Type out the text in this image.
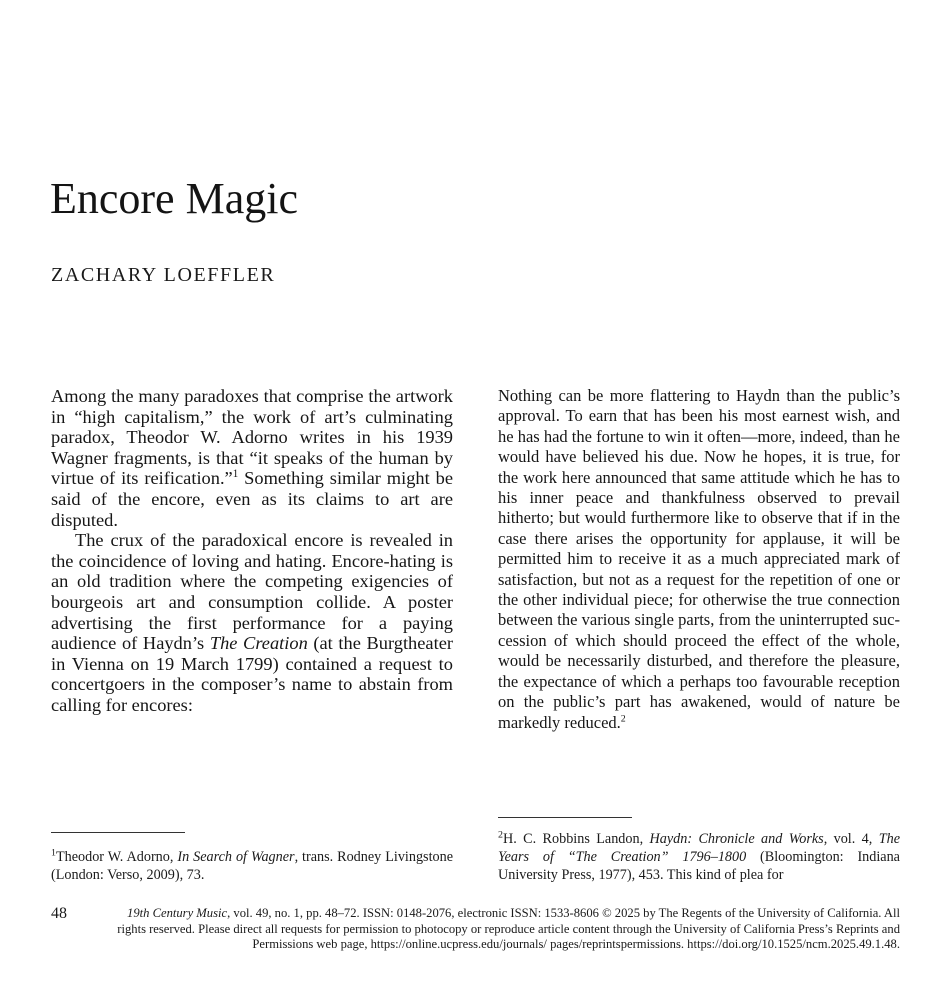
Encore Magic
ZACHARY LOEFFLER

Among the many paradoxes that comprise the artwork in “high capitalism,” the work of art’s culminating paradox, Theodor W. Adorno writes in his 1939 Wagner fragments, is that “it speaks of the human by virtue of its reification.”$^1$ Something similar might be said of the encore, even as its claims to art are disputed.

The crux of the paradoxical encore is revealed in the coincidence of loving and hating. Encore-hating is an old tradition where the competing exigencies of bourgeois art and consumption collide. A poster advertising the first performance for a paying audience of Haydn’s The Creation (at the Burgtheater in Vienna on 19 March 1799) contained a request to concertgoers in the composer’s name to abstain from calling for encores:

Nothing can be more flattering to Haydn than the public’s approval. To earn that has been his most earnest wish, and he has had the fortune to win it often—more, indeed, than he would have believed his due. Now he hopes, it is true, for the work here announced that same attitude which he has to his inner peace and thankfulness observed to prevail hitherto; but would furthermore like to observe that if in the case there arises the opportunity for applause, it will be permitted him to receive it as a much appreciated mark of satisfaction, but not as a request for the repetition of one or the other individual piece; for otherwise the true connection between the various single parts, from the uninterrupted succession of which should proceed the effect of the whole, would be necessarily disturbed, and therefore the pleasure, the expectance of which a perhaps too favourable reception on the public’s part has awakened, would of nature be markedly reduced.$^2$

$^1$Theodor W. Adorno, In Search of Wagner, trans. Rodney Livingstone (London: Verso, 2009), 73.
$^2$H. C. Robbins Landon, Haydn: Chronicle and Works, vol. 4, The Years of “The Creation” 1796–1800 (Bloomington: Indiana University Press, 1977), 453. This kind of plea for
48	19th Century Music, vol. 49, no. 1, pp. 48–72. ISSN: 0148-2076, electronic ISSN: 1533-8606 © 2025 by The Regents of the University of California. All rights reserved. Please direct all requests for permission to photocopy or reproduce article content through the University of California Press’s Reprints and Permissions web page, https://online.ucpress.edu/journals/ pages/reprintspermissions. https://doi.org/10.1525/ncm.2025.49.1.48.
